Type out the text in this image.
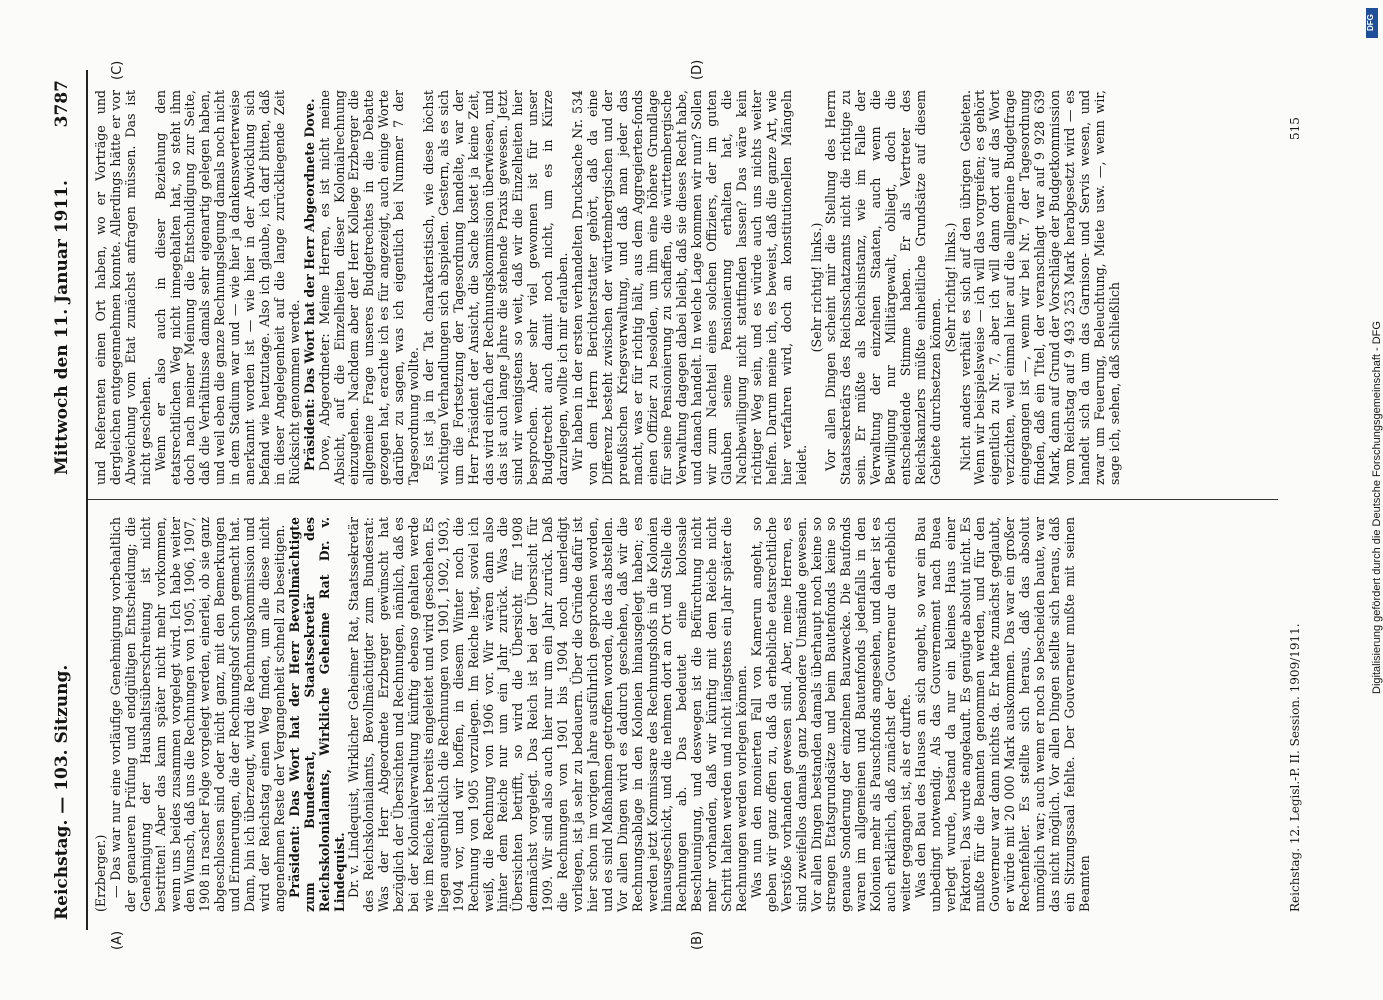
Reichstag. — 103. Sitzung.
3787
Mittwoch den 11. Januar 1911.
(A)	(B)
(C)	(D)

(Erzberger.) — Das war nur eine vorläufige Genehmigung vorbehaltlich der genaueren Prüfung und endgültigen Entscheidung; die Genehmigung der Haushaltsüberschreitung ist nicht bestritten! Aber das kann später nicht mehr vorkommen, wenn uns beides zusammen vorgelegt wird. Ich habe weiter den Wunsch, daß uns die Rechnungen von 1905, 1906, 1907, 1908 in rascher Folge vorgelegt werden, einerlei, ob sie ganz abgeschlossen sind oder nicht ganz, mit den Bemerkungen und Erinnerungen, die der Rechnungshof schon gemacht hat. Dann, bin ich überzeugt, wird die Rechnungskommission und wird der Reichstag einen Weg finden, um alle diese nicht angenehmen Reste der Vergangenheit schnell zu beseitigen. Präsident: Das Wort hat der Herr Bevollmächtigte zum Bundesrat, Staatssekretär des Reichskolonialamts, Wirkliche Geheime Rat Dr. v. Lindequist. Dr. v. Lindequist, Wirklicher Geheimer Rat, Staatssekretär des Reichskolonialamts, Bevollmächtigter zum Bundesrat: Was der Herr Abgeordnete Erzberger gewünscht hat bezüglich der Übersichten und Rechnungen, nämlich, daß es bei der Kolonialverwaltung künftig ebenso gehalten werde wie im Reiche, ist bereits eingeleitet und wird geschehen. Es liegen augenblicklich die Rechnungen von 1901, 1902, 1903, 1904 vor, und wir hoffen, in diesem Winter noch die Rechnung von 1905 vorzulegen. Im Reiche liegt, soviel ich weiß, die Rechnung von 1906 vor. Wir wären dann also hinter dem Reiche nur um ein Jahr zurück. Was die Übersichten betrifft, so wird die Übersicht für 1908 demnächst vorgelegt. Das Reich ist bei der Übersicht für 1909. Wir sind also auch hier nur um ein Jahr zurück. Daß die Rechnungen von 1901 bis 1904 noch unerledigt vorliegen, ist ja sehr zu bedauern. Über die Gründe dafür ist hier schon im vorigen Jahre ausführlich gesprochen worden, und es sind Maßnahmen getroffen worden, die das abstellen. Vor allen Dingen wird es dadurch geschehen, daß wir die Rechnungsablage in den Kolonien hinausgelegt haben; es werden jetzt Kommissare des Rechnungshofs in die Kolonien hinausgeschickt, und die nehmen dort an Ort und Stelle die Rechnungen ab. Das bedeutet eine kolossale Beschleunigung, und deswegen ist die Befürchtung nicht mehr vorhanden, daß wir künftig mit dem Reiche nicht Schritt halten werden und nicht längstens ein Jahr später die Rechnungen werden vorlegen können. Was nun den monierten Fall von Kamerun angeht, so geben wir ganz offen zu, daß da erhebliche etatsrechtliche Verstöße vorhanden gewesen sind. Aber, meine Herren, es sind zweifellos damals ganz besondere Umstände gewesen. Vor allen Dingen bestanden damals überhaupt noch keine so strengen Etatsgrundsätze und beim Bautenfonds keine so genaue Sonderung der einzelnen Bauzwecke. Die Baufonds waren im allgemeinen und Bautenfonds jedenfalls in den Kolonien mehr als Pauschfonds angesehen, und daher ist es auch erklärlich, daß zunächst der Gouverneur da erheblich weiter gegangen ist, als er durfte. Was den Bau des Hauses an sich angeht, so war ein Bau unbedingt notwendig. Als das Gouvernement nach Buea verlegt wurde, bestand da nur ein kleines Haus einer Faktorei. Das wurde angekauft. Es genügte absolut nicht. Es mußte für die Beamten genommen werden, und für den Gouverneur war dann nichts da. Er hatte zunächst geglaubt, er würde mit 20 000 Mark auskommen. Das war ein großer Rechenfehler. Es stellte sich heraus, daß das absolut unmöglich war; auch wenn er noch so bescheiden baute, war das nicht möglich. Vor allen Dingen stellte sich heraus, daß ein Sitzungssaal fehlte. Der Gouverneur mußte mit seinen Beamten

und Referenten einen Ort haben, wo er Vorträge und dergleichen entgegennehmen konnte. Allerdings hätte er vor Abweichung vom Etat zunächst anfragen müssen. Das ist nicht geschehen. Wenn er also auch in dieser Beziehung den etatsrechtlichen Weg nicht innegehalten hat, so steht ihm doch nach meiner Meinung die Entschuldigung zur Seite, daß die Verhältnisse damals sehr eigenartig gelegen haben, und weil eben die ganze Rechnungslegung damals noch nicht in dem Stadium war und — wie hier ja dankenswerterweise anerkannt worden ist — wie hier in der Abwicklung sich befand wie heutzutage. Also ich glaube, ich darf bitten, daß in dieser Angelegenheit auf die lange zurückliegende Zeit Rücksicht genommen werde. Präsident: Das Wort hat der Herr Abgeordnete Dove. Dove, Abgeordneter: Meine Herren, es ist nicht meine Absicht, auf die Einzelheiten dieser Kolonialrechnung einzugehen. Nachdem aber der Herr Kollege Erzberger die allgemeine Frage unseres Budgetrechtes in die Debatte gezogen hat, erachte ich es für angezeigt, auch einige Worte darüber zu sagen, was ich eigentlich bei Nummer 7 der Tagesordnung wollte. Es ist ja in der Tat charakteristisch, wie diese höchst wichtigen Verhandlungen sich abspielen. Gestern, als es sich um die Fortsetzung der Tagesordnung handelte, war der Herr Präsident der Ansicht, die Sache kostet ja keine Zeit, das wird einfach der Rechnungskommission überwiesen, und das ist auch lange Jahre die stehende Praxis gewesen. Jetzt sind wir wenigstens so weit, daß wir die Einzelheiten hier besprochen. Aber sehr viel gewonnen ist für unser Budgetrecht auch damit noch nicht, um es in Kürze darzulegen, wollte ich mir erlauben. Wir haben in der ersten verhandelten Drucksache Nr. 534 von dem Herrn Berichterstatter gehört, daß da eine Differenz besteht zwischen der württembergischen und der preußischen Kriegsverwaltung, und daß man jeder das macht, was er für richtig hält, aus dem Aggregierten-fonds einen Offizier zu besolden, um ihm eine höhere Grundlage für seine Pensionierung zu schaffen, die württembergische Verwaltung dagegen dabei bleibt, daß sie dieses Recht habe, und danach handelt. In welche Lage kommen wir nun? Sollen wir zum Nachteil eines solchen Offiziers, der im guten Glauben seine Pensionierung erhalten hat, die Nachbewilligung nicht stattfinden lassen? Das wäre kein richtiger Weg sein, und es würde auch uns nichts weiter helfen. Darum meine ich, es beweist, daß die ganze Art, wie hier verfahren wird, doch an konstitutionellen Mängeln leidet.

(Sehr richtig! links.) Vor allen Dingen scheint mir die Stellung des Herrn Staatssekretärs des Reichsschatzamts nicht die richtige zu sein. Er müßte als Reichsinstanz, wie im Falle der Verwaltung der einzelnen Staaten, auch wenn die Bewilligung nur Militärgewalt, obliegt, doch die entscheidende Stimme haben. Er als Vertreter des Reichskanzlers müßte einheitliche Grundsätze auf diesem Gebiete durchsetzen können.

(Sehr richtig! links.) Nicht anders verhält es sich auf den übrigen Gebieten. Wenn wir beispielsweise — ich will das vorgreifen; es gehört eigentlich zu Nr. 7, aber ich will dann dort auf das Wort verzichten, weil einmal hier auf die allgemeine Budgetfrage eingegangen ist —, wenn wir bei Nr. 7 der Tagesordnung finden, daß ein Titel, der veranschlagt war auf 9 928 639 Mark, dann auf Grund der Vorschläge der Budgetkommission vom Reichstag auf 9 493 253 Mark herabgesetzt wird — es handelt sich da um das Garnison- und Servis wesen, und zwar um Feuerung, Beleuchtung, Miete usw. —, wenn wir, sage ich, sehen, daß schließlich

Reichstag. 12. Legisl.-P. II. Session. 1909/1911.
515
DFG
Digitalisierung gefördert durch die Deutsche Forschungsgemeinschaft - DFG
